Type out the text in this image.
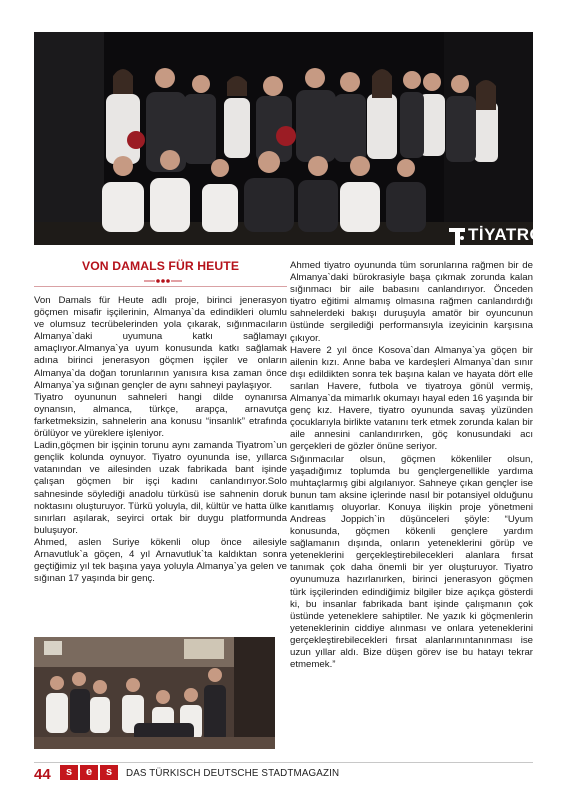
TİYATROM
Türkisches Theater Berlin
VON DAMALS FÜR HEUTE

Von Damals für Heute adlı proje, birinci jenerasyon göçmen misafir işçilerinin, Almanya`da edindikleri olumlu ve olumsuz tecrübelerinden yola çıkarak, sığınmacıların Almanya`daki uyumuna katkı sağlamayı amaçlıyor.Almanya`ya uyum konusunda katkı sağlamak adına birinci jenerasyon göçmen işçiler ve onların Almanya`da doğan torunlarının yanısıra kısa zaman önce Almanya`ya sığınan gençler de aynı sahneyi paylaşıyor.

Tiyatro oyununun sahneleri hangi dilde oynanırsa oynansın, almanca, türkçe, arapça, arnavutça farketmeksizin, sahnelerin ana konusu “insanlık” etrafında örülüyor ve yüreklere işleniyor.

Ladin,göçmen bir işçinin torunu aynı zamanda Tiyatrom`un gençlik kolunda oynuyor. Tiyatro oyununda ise, yıllarca vatanından ve ailesinden uzak fabrikada bant işinde çalışan göçmen bir işçi kadını canlandırıyor.Solo sahnesinde söylediği anadolu türküsü ise sahnenin doruk noktasını oluşturuyor. Türkü yoluyla, dil, kültür ve hatta ülke sınırları aşılarak, seyirci ortak bir duygu platformunda buluşuyor.

Ahmed, aslen Suriye kökenli olup önce ailesiyle Arnavutluk`a göçen, 4 yıl Arnavutluk`ta kaldıktan sonra geçtiğimiz yıl tek başına yaya yoluyla Almanya`ya gelen ve sığınan 17 yaşında bir genç.

Ahmed tiyatro oyununda tüm sorunlarına rağmen bir de Almanya`daki bürokrasiyle başa çıkmak zorunda kalan sığınmacı bir aile babasını canlandırıyor. Önceden tiyatro eğitimi almamış olmasına rağmen canlandırdığı sahnelerdeki bakışı duruşuyla amatör bir oyuncunun üstünde sergilediği performansıyla izeyicinin karşısına çıkıyor.

Havere 2 yıl önce Kosova`dan Almanya`ya göçen bir ailenin kızı. Anne baba ve kardeşleri Almanya`dan sınır dışı edildikten sonra tek başına kalan ve hayata dört elle sarılan Havere, futbola ve tiyatroya gönül vermiş, Almanya`da mimarlık okumayı hayal eden 16 yaşında bir genç kız. Havere, tiyatro oyununda savaş yüzünden çocuklarıyla birlikte vatanını terk etmek zorunda kalan bir aile annesini canlandırırken, göç konusundaki acı gerçekleri de gözler önüne seriyor.

Sığınmacılar olsun, göçmen kökenliler olsun, yaşadığımız toplumda bu gençlergenellikle yardıma muhtaçlarmış gibi algılanıyor. Sahneye çıkan gençler ise bunun tam aksine içlerinde nasıl bir potansiyel olduğunu kanıtlamış oluyorlar. Konuya ilişkin proje yönetmeni Andreas Joppich`in düşünceleri şöyle: “Uyum konusunda, göçmen kökenli gençlere yardım sağlamanın dışında, onların yeteneklerini görüp ve yeteneklerini gerçekleştirebilecekleri alanlara fırsat tanımak çok daha önemli bir yer oluşturuyor. Tiyatro oyunumuza hazırlanırken, birinci jenerasyon göçmen türk işçilerinden edindiğimiz bilgiler bize açıkça gösterdi ki, bu insanlar fabrikada bant işinde çalışmanın çok üstünde yeteneklere sahiptiler. Ne yazık ki göçmenlerin yeteneklerinin ciddiye alınması ve onlara yeteneklerini gerçekleştirebilecekleri fırsat alanlarınıntanınması ise uzun yıllar aldı. Bize düşen görev ise bu hatayı tekrar etmemek.”

44	s	e	s	DAS TÜRKISCH DEUTSCHE STADTMAGAZIN
